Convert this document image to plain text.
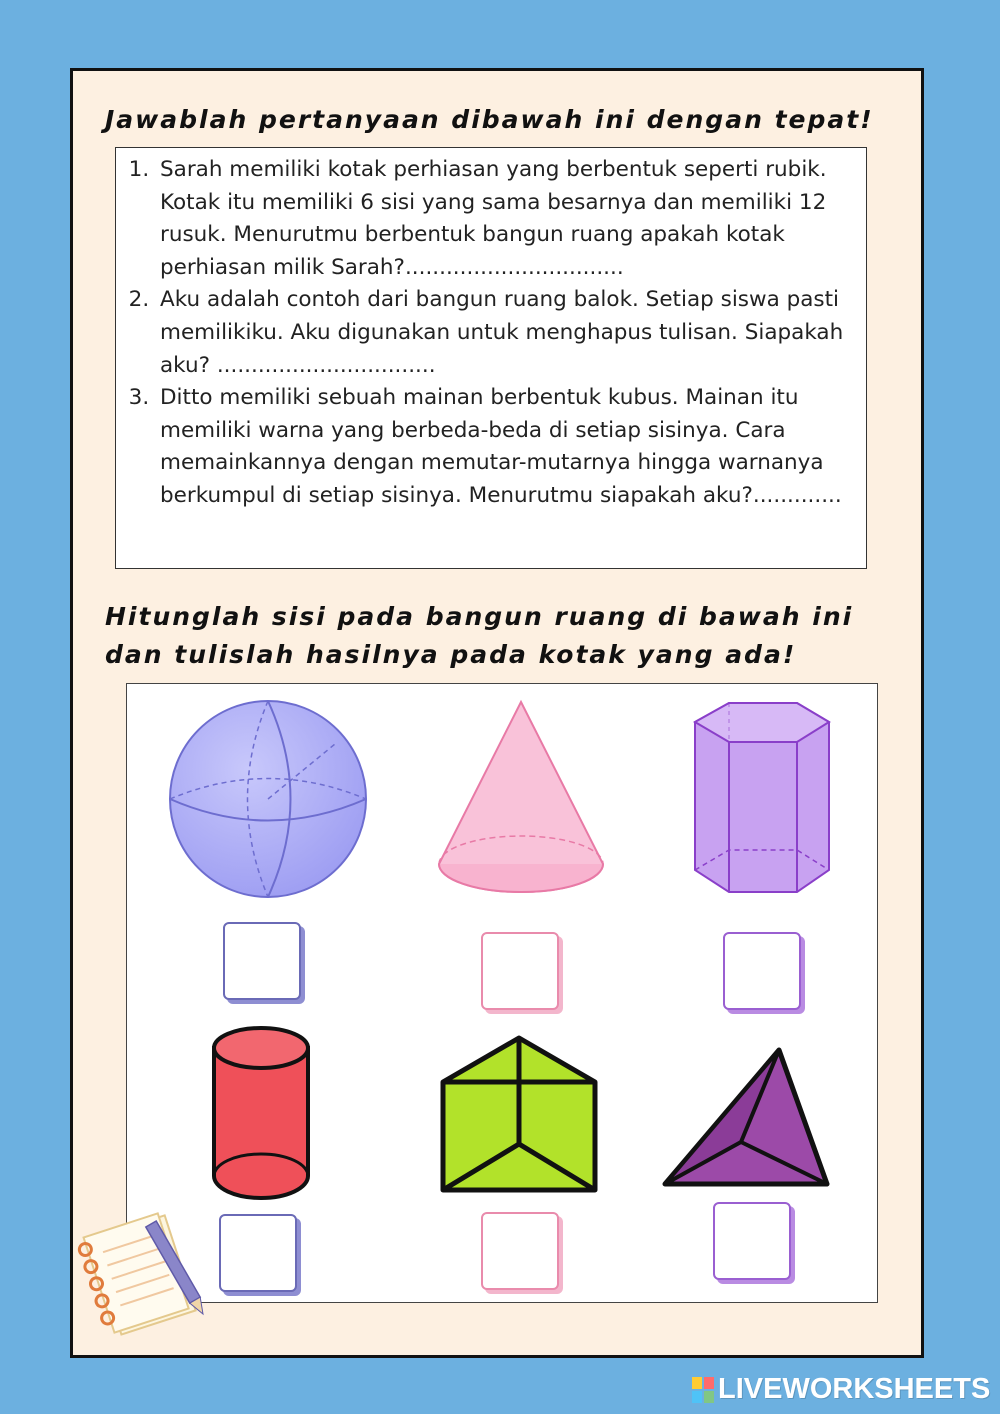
Jawablah pertanyaan dibawah ini dengan tepat!
1. Sarah memiliki kotak perhiasan yang berbentuk seperti rubik. Kotak itu memiliki 6 sisi yang sama besarnya dan memiliki 12 rusuk. Menurutmu berbentuk bangun ruang apakah kotak perhiasan milik Sarah?................................
2. Aku adalah contoh dari bangun ruang balok. Setiap siswa pasti memilikiku. Aku digunakan untuk menghapus tulisan. Siapakah aku? ................................
3. Ditto memiliki sebuah mainan berbentuk kubus. Mainan itu memiliki warna yang berbeda-beda di setiap sisinya. Cara memainkannya dengan memutar-mutarnya hingga warnanya berkumpul di setiap sisinya. Menurutmu siapakah aku?.............
Hitunglah sisi pada bangun ruang di bawah ini
dan tulislah hasilnya pada kotak yang ada!
LIVEWORKSHEETS
